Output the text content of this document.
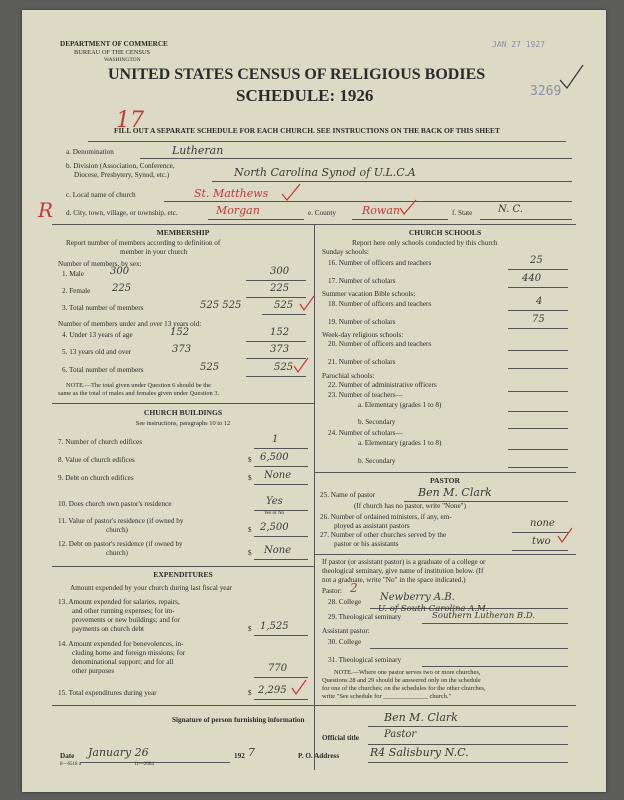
DEPARTMENT OF COMMERCE
BUREAU OF THE CENSUS
WASHINGTON
UNITED STATES CENSUS OF RELIGIOUS BODIES
SCHEDULE: 1926
JAN 27 1927
3269
17
FILL OUT A SEPARATE SCHEDULE FOR EACH CHURCH. SEE INSTRUCTIONS ON THE BACK OF THIS SHEET
a. Denomination	Lutheran
b. Division (Association, Conference,
Diocese, Presbytery, Synod, etc.)	North Carolina Synod of U.L.C.A
c. Local name of church	St. Matthews
R d. City, town, village, or township, etc.	Morgan	e. County Rowan	f. State	N. C.
MEMBERSHIP
Report number of members according to definition of
member in your church
Number of members, by sex:
1. Male	300	300
2. Female 225	225
3. Total number of members	525 525	525
Number of members under and over 13 years old:
4. Under 13 years of age	152	152
5. 13 years old and over	373	373
6. Total number of members	525	525
NOTE.—The total given under Question 6 should be the
same as the total of males and females given under Question 3.
CHURCH BUILDINGS
See instructions, paragraphs 10 to 12
7. Number of church edifices	1
8. Value of church edifices	$ 6,500
9. Debt on church edifices	$ None
10. Does church own pastor's residence	Yes
Yes or No
11. Value of pastor's residence (if owned by
church)	$ 2,500
12. Debt on pastor's residence (if owned by
church)	$ None
EXPENDITURES
Amount expended by your church during last fiscal year
13. Amount expended for salaries, repairs,
and other running expenses; for im-
provements or new buildings; and for
payments on church debt	$ 1,525
14. Amount expended for benevolences, in-
cluding home and foreign missions; for
denominational support; and for all
other purposes	770
15. Total expenditures during year	$ 2,295
CHURCH SCHOOLS
Report here only schools conducted by this church
Sunday schools:
16. Number of officers and teachers	25
17. Number of scholars	440
Summer vacation Bible schools:
18. Number of officers and teachers	4
19. Number of scholars	75
Week-day religious schools:
20. Number of officers and teachers
21. Number of scholars
Parochial schools:
22. Number of administrative officers
23. Number of teachers—
a. Elementary (grades 1 to 8)
b. Secondary
24. Number of scholars—
a. Elementary (grades 1 to 8)
b. Secondary
PASTOR
25. Name of pastor	Ben M. Clark
(If church has no pastor, write "None")
26. Number of ordained ministers, if any, em-
ployed as assistant pastors	none
27. Number of other churches served by the
pastor or his assistants	two
If pastor (or assistant pastor) is a graduate of a college or
theological seminary, give name of institution below. (If
not a graduate, write "No" in the space indicated.)
Pastor: 2
28. College Newberry A.B.
U. of South Carolina A.M.
29. Theological seminary	Southern Lutheran B.D.
Assistant pastor:
30. College
31. Theological seminary
NOTE.—Where one pastor serves two or more churches,
Questions 28 and 29 should be answered only on the schedule
for one of the churches; on the schedules for the other churches,
write "See schedule for ______________ church."
Signature of person furnishing information	Ben M. Clark
Official title	Pastor
Date January 26	192 7	P. O. Address	R4 Salisbury N.C.
8—6518 a	11—2064
